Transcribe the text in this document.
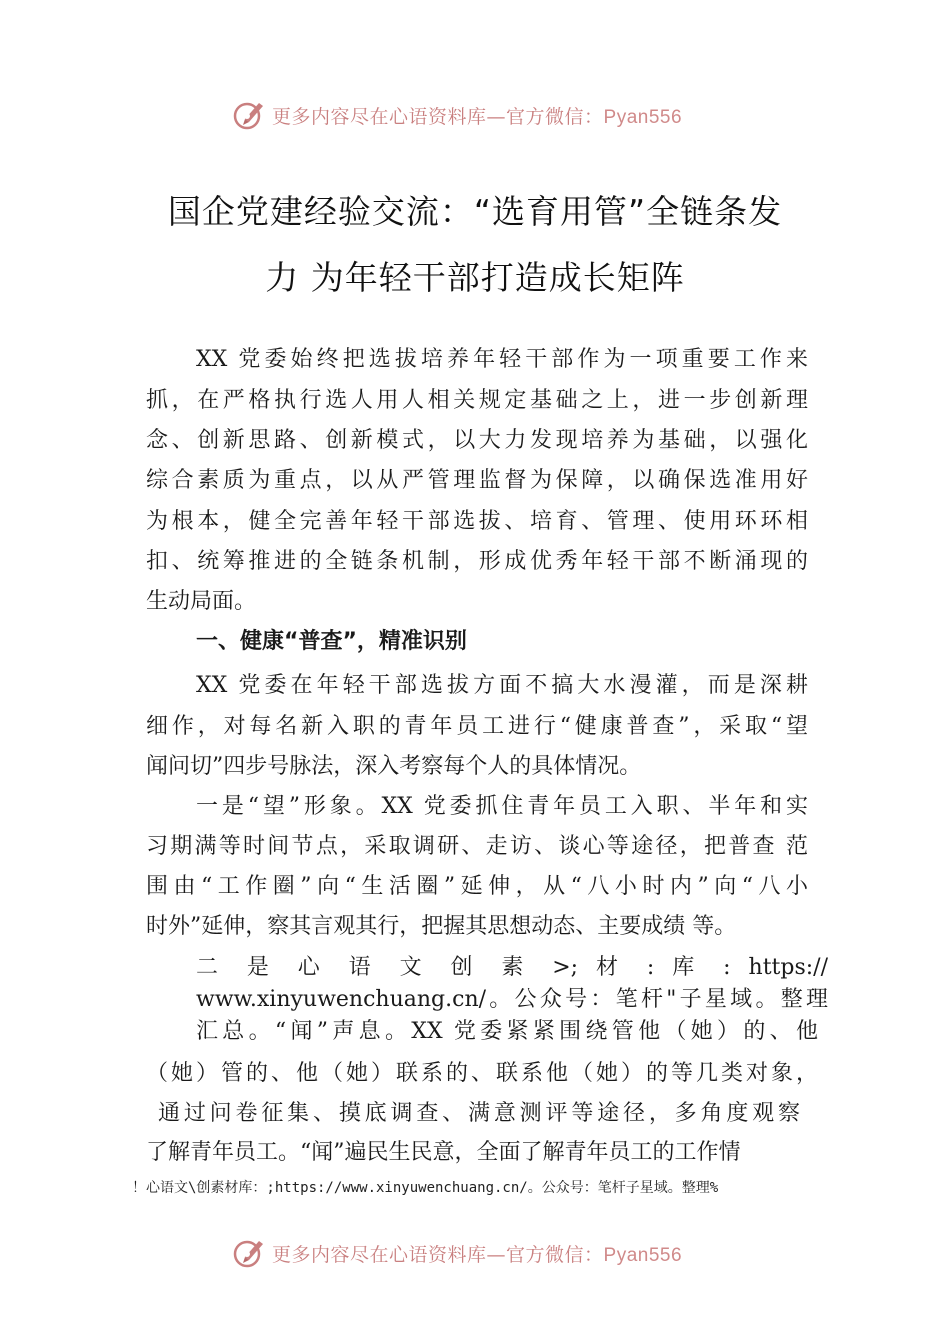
更多内容尽在心语资料库—官方微信：Pyan556
国企党建经验交流：“选育用管”全链条发
力 为年轻干部打造成长矩阵
XX 党委始终把选拔培养年轻干部作为一项重要工作来
抓，在严格执行选人用人相关规定基础之上，进一步创新理
念、创新思路、创新模式，以大力发现培养为基础，以强化
综合素质为重点，以从严管理监督为保障，以确保选准用好
为根本，健全完善年轻干部选拔、培育、管理、使用环环相
扣、统筹推进的全链条机制，形成优秀年轻干部不断涌现的
生动局面。
一、健康“普查”，精准识别
XX 党委在年轻干部选拔方面不搞大水漫灌，而是深耕
细作，对每名新入职的青年员工进行“健康普查”，采取“望
闻问切”四步号脉法，深入考察每个人的具体情况。
一是“望”形象。XX 党委抓住青年员工入职、半年和实
习期满等时间节点，采取调研、走访、谈心等途径，把普查 范
围由“工作圈”向“生活圈”延伸，从“八小时内”向“八小
时外”延伸，察其言观其行，把握其思想动态、主要成绩 等。
二 是 心 语 文 创 素 >; 材 : 库 : https://
www.xinyuwenchuang.cn/。公众号：笔杆"子星域。整理
汇总。“闻”声息。XX 党委紧紧围绕管他（她）的、他
（她）管的、他（她）联系的、联系他（她）的等几类对象，
通过问卷征集、摸底调查、满意测评等途径，多角度观察
了解青年员工。“闻”遍民生民意，全面了解青年员工的工作情
！心语文\创素材库：;https://www.xinyuwenchuang.cn/。公众号：笔杆子星域。整理%
更多内容尽在心语资料库—官方微信：Pyan556
